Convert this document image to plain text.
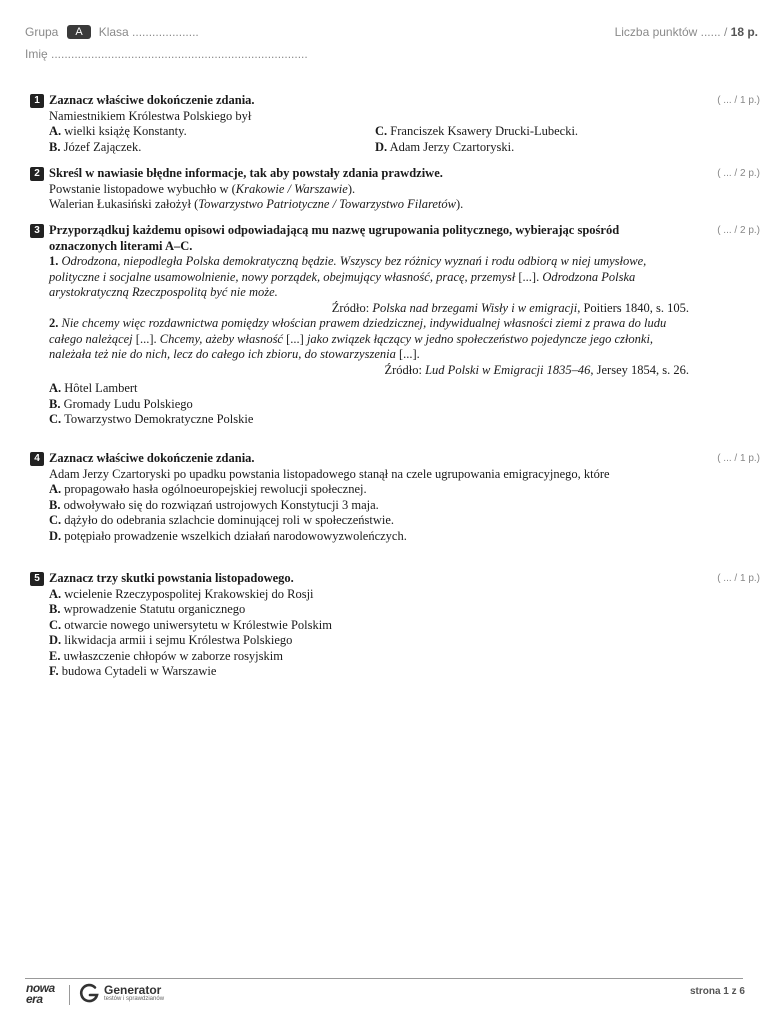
Grupa	A	Klasa ....................
Imię .............................................................................
Liczba punktów ...... / 18 p.
1	( ... / 1 p.)
Zaznacz właściwe dokończenie zdania.
Namiestnikiem Królestwa Polskiego był
A. wielki książę Konstanty.	C. Franciszek Ksawery Drucki-Lubecki.
B. Józef Zajączek.	D. Adam Jerzy Czartoryski.
2	( ... / 2 p.)
Skreśl w nawiasie błędne informacje, tak aby powstały zdania prawdziwe.
Powstanie listopadowe wybuchło w (Krakowie / Warszawie).
Walerian Łukasiński założył (Towarzystwo Patriotyczne / Towarzystwo Filaretów).
3	( ... / 2 p.)
Przyporządkuj każdemu opisowi odpowiadającą mu nazwę ugrupowania politycznego, wybierając spośród oznaczonych literami A–C.
1. Odrodzona, niepodległa Polska demokratyczną będzie. Wszyscy bez różnicy wyznań i rodu odbiorą w niej umysłowe, polityczne i socjalne usamowolnienie, nowy porządek, obejmujący własność, pracę, przemysł [...]. Odrodzona Polska arystokratyczną Rzeczpospolitą być nie może.
Źródło: Polska nad brzegami Wisły i w emigracji, Poitiers 1840, s. 105.
2. Nie chcemy więc rozdawnictwa pomiędzy włościan prawem dziedzicznej, indywidualnej własności ziemi z prawa do ludu całego należącej [...]. Chcemy, ażeby własność [...] jako związek łączący w jedno społeczeństwo pojedyncze jego członki, należała też nie do nich, lecz do całego ich zbioru, do stowarzyszenia [...].
Źródło: Lud Polski w Emigracji 1835–46, Jersey 1854, s. 26.
A. Hôtel Lambert
B. Gromady Ludu Polskiego
C. Towarzystwo Demokratyczne Polskie
4	( ... / 1 p.)
Zaznacz właściwe dokończenie zdania.
Adam Jerzy Czartoryski po upadku powstania listopadowego stanął na czele ugrupowania emigracyjnego, które
A. propagowało hasła ogólnoeuropejskiej rewolucji społecznej.
B. odwoływało się do rozwiązań ustrojowych Konstytucji 3 maja.
C. dążyło do odebrania szlachcie dominującej roli w społeczeństwie.
D. potępiało prowadzenie wszelkich działań narodowowyzwoleńczych.
5	( ... / 1 p.)
Zaznacz trzy skutki powstania listopadowego.
A. wcielenie Rzeczypospolitej Krakowskiej do Rosji
B. wprowadzenie Statutu organicznego
C. otwarcie nowego uniwersytetu w Królestwie Polskim
D. likwidacja armii i sejmu Królestwa Polskiego
E. uwłaszczenie chłopów w zaborze rosyjskim
F. budowa Cytadeli w Warszawie
nowa
era
Generator
testów i sprawdzianów
strona 1 z 6
